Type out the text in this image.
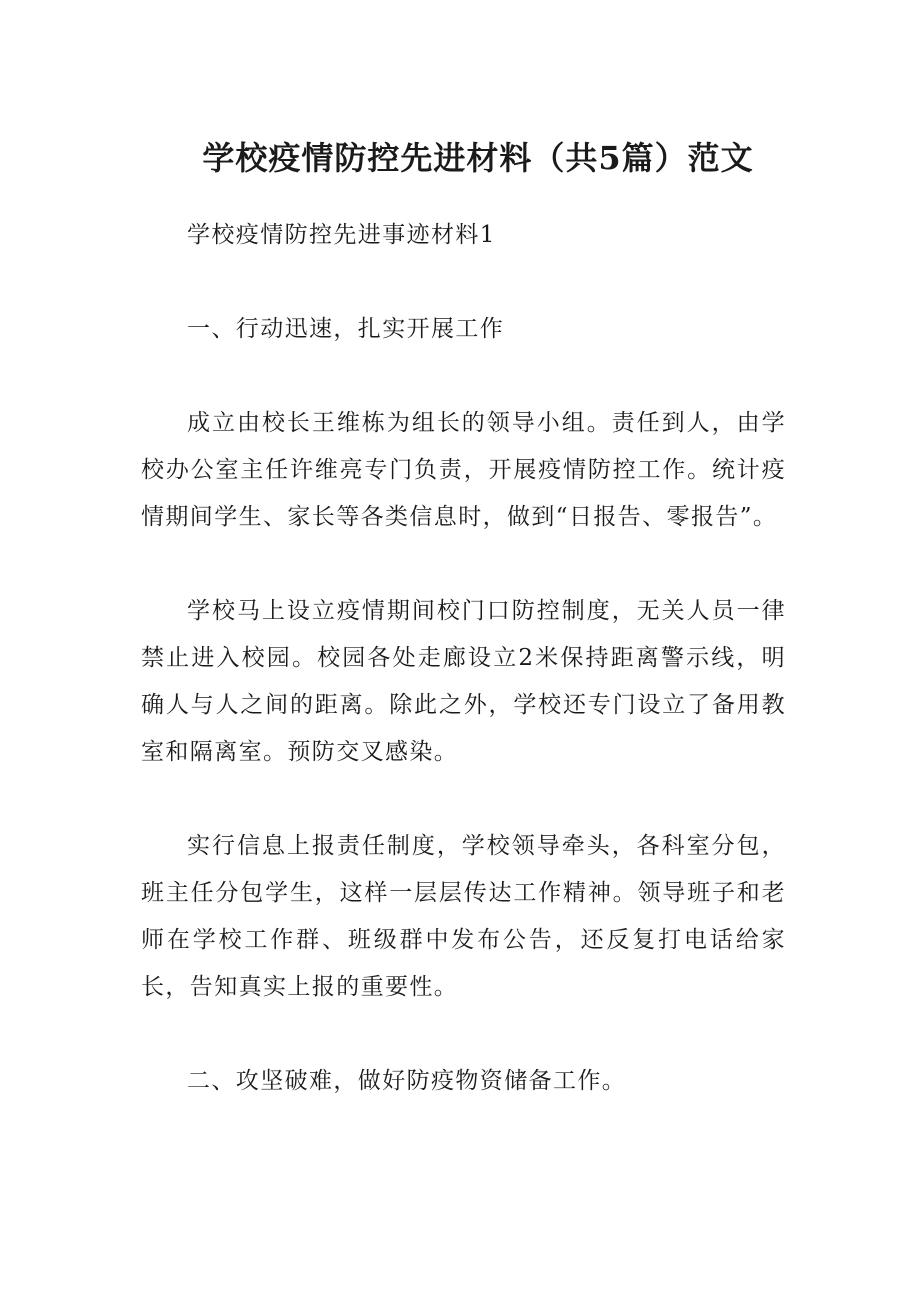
学校疫情防控先进材料（共5篇）范文

学校疫情防控先进事迹材料1

一、行动迅速，扎实开展工作

成立由校长王维栋为组长的领导小组。责任到人，由学校办公室主任许维亮专门负责，开展疫情防控工作。统计疫情期间学生、家长等各类信息时，做到“日报告、零报告”。

学校马上设立疫情期间校门口防控制度，无关人员一律禁止进入校园。校园各处走廊设立2米保持距离警示线，明确人与人之间的距离。除此之外，学校还专门设立了备用教室和隔离室。预防交叉感染。

实行信息上报责任制度，学校领导牵头，各科室分包，班主任分包学生，这样一层层传达工作精神。领导班子和老师在学校工作群、班级群中发布公告，还反复打电话给家长，告知真实上报的重要性。

二、攻坚破难，做好防疫物资储备工作。
